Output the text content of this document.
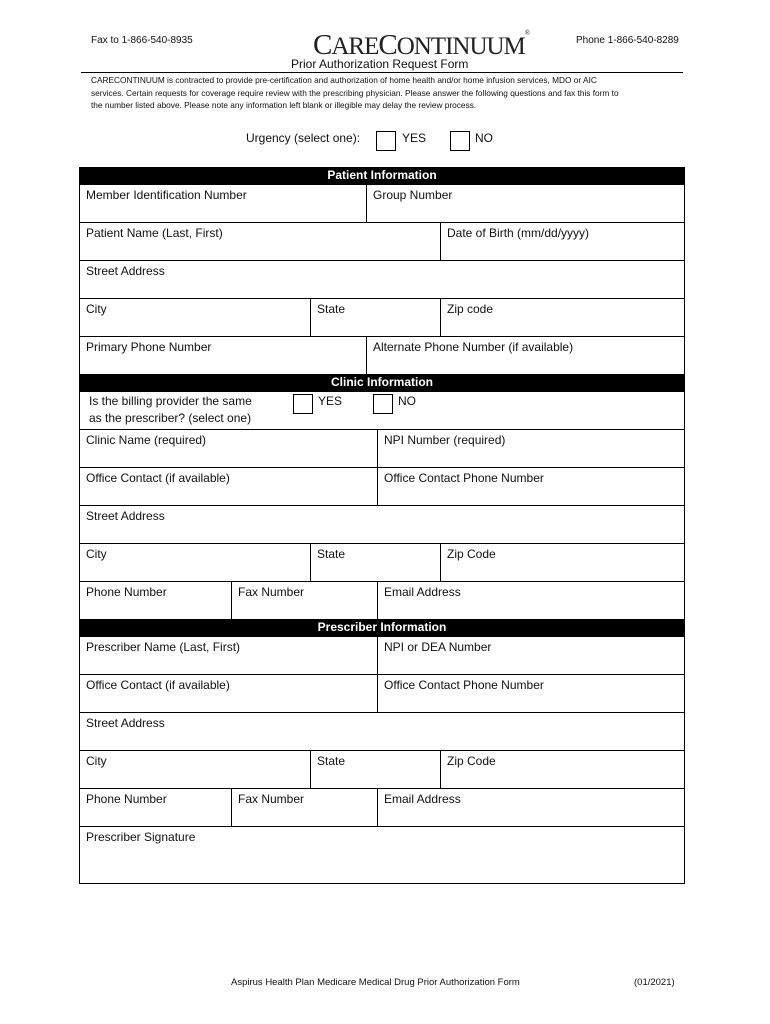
Fax to 1-866-540-8935	Phone 1-866-540-8289
CARECONTINUUM®
Prior Authorization Request Form
CARECONTINUUM is contracted to provide pre-certification and authorization of home health and/or home infusion services, MDO or AIC
services. Certain requests for coverage require review with the prescribing physician. Please answer the following questions and fax this form to
the number listed above. Please note any information left blank or illegible may delay the review process.
Urgency (select one):	YES	NO
Patient Information
Member Identification Number	Group Number
Patient Name (Last, First)	Date of Birth (mm/dd/yyyy)
Street Address
City	State	Zip code
Primary Phone Number	Alternate Phone Number (if available)
Clinic Information
Is the billing provider the same
as the prescriber? (select one)
YES	NO
Clinic Name (required)	NPI Number (required)
Office Contact (if available)	Office Contact Phone Number
Street Address
City	State	Zip Code
Phone Number	Fax Number	Email Address
Prescriber Information
Prescriber Name (Last, First)	NPI or DEA Number
Office Contact (if available)	Office Contact Phone Number
Street Address
City	State	Zip Code
Phone Number	Fax Number	Email Address
Prescriber Signature
Aspirus Health Plan Medicare Medical Drug Prior Authorization Form	(01/2021)
